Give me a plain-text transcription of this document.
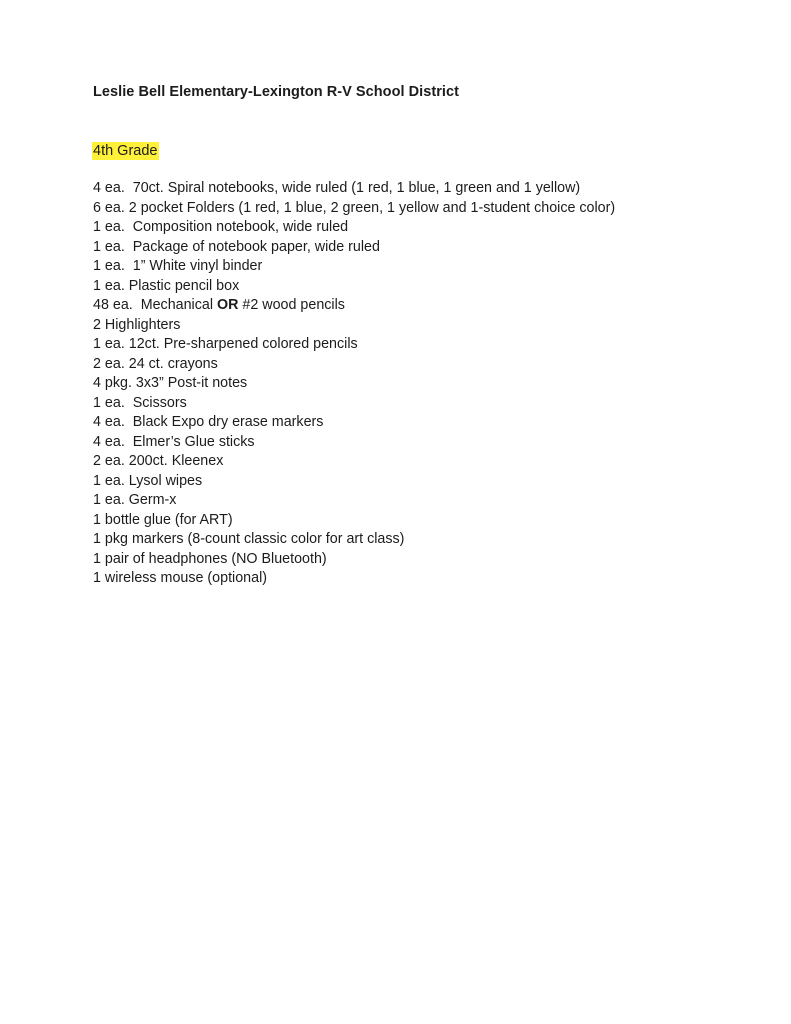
Leslie Bell Elementary-Lexington R-V School District
4th Grade
4 ea.  70ct. Spiral notebooks, wide ruled (1 red, 1 blue, 1 green and 1 yellow)
6 ea. 2 pocket Folders (1 red, 1 blue, 2 green, 1 yellow and 1-student choice color)
1 ea.  Composition notebook, wide ruled
1 ea.  Package of notebook paper, wide ruled
1 ea.  1” White vinyl binder
1 ea. Plastic pencil box
48 ea.  Mechanical OR #2 wood pencils
2 Highlighters
1 ea. 12ct. Pre-sharpened colored pencils
2 ea. 24 ct. crayons
4 pkg. 3x3” Post-it notes
1 ea.  Scissors
4 ea.  Black Expo dry erase markers
4 ea.  Elmer’s Glue sticks
2 ea. 200ct. Kleenex
1 ea. Lysol wipes
1 ea. Germ-x
1 bottle glue (for ART)
1 pkg markers (8-count classic color for art class)
1 pair of headphones (NO Bluetooth)
1 wireless mouse (optional)
